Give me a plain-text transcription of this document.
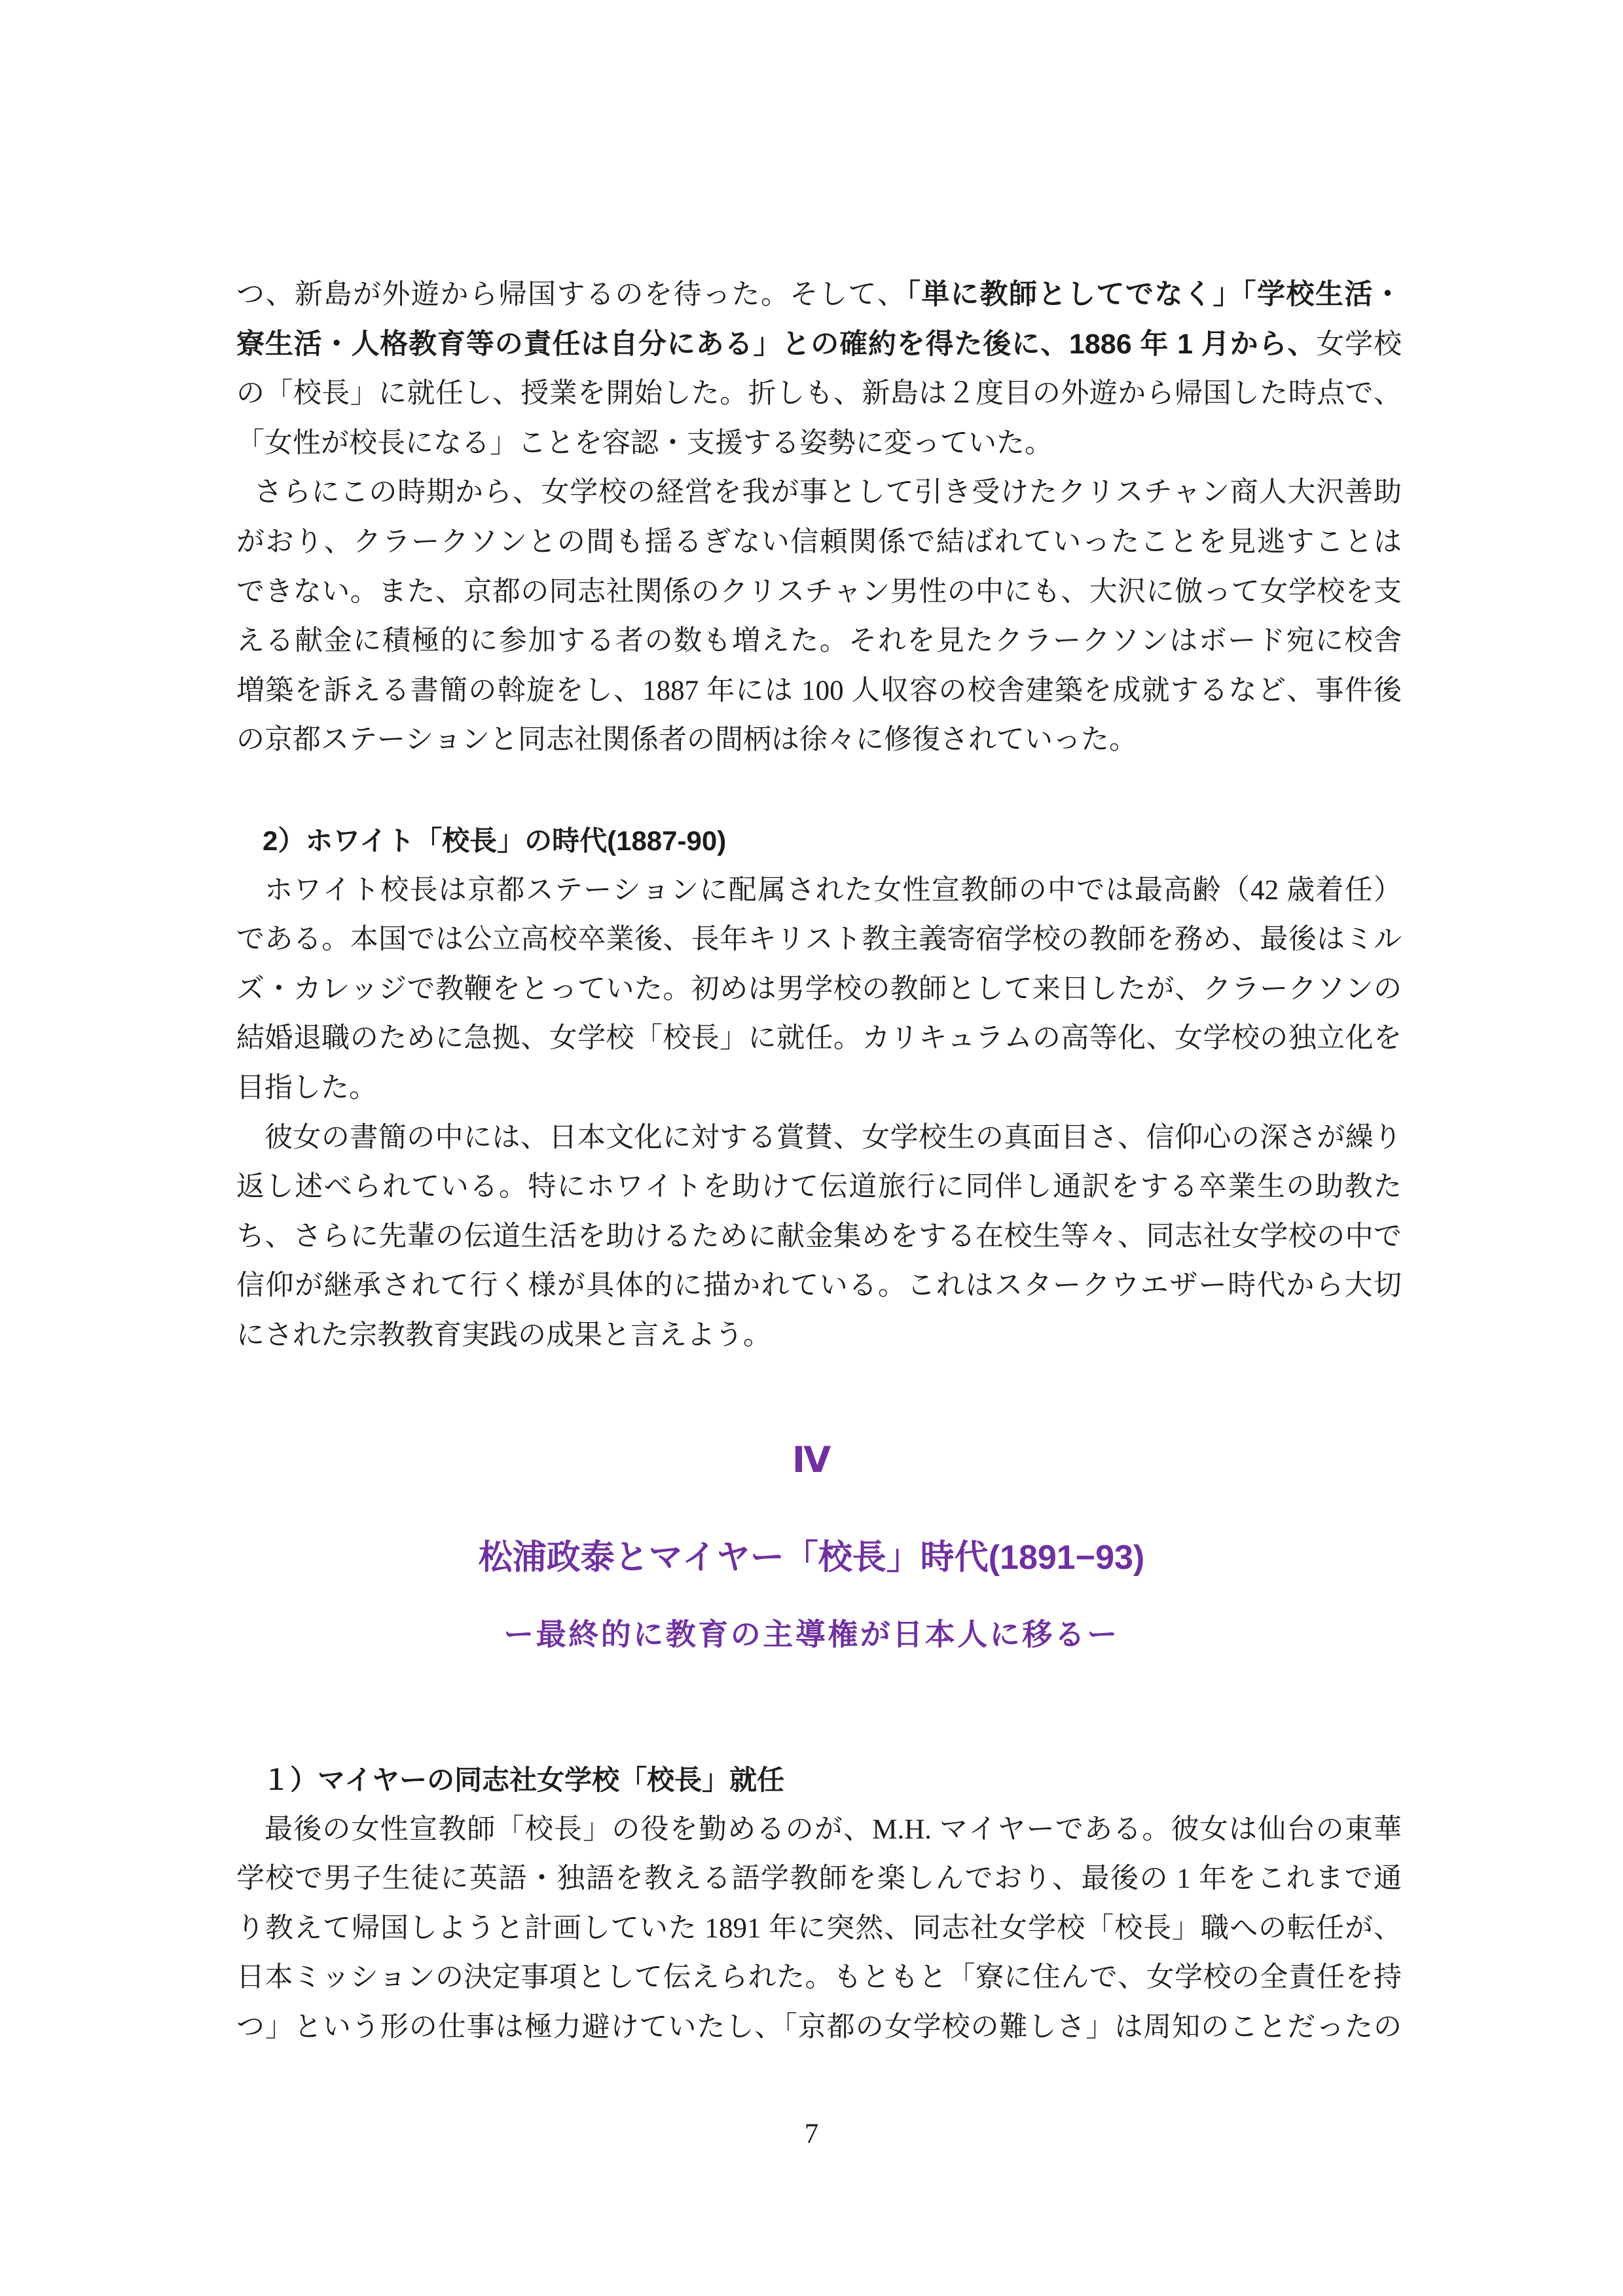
つ、新島が外遊から帰国するのを待った。そして、「単に教師としてでなく」「学校生活・
寮生活・人格教育等の責任は自分にある」との確約を得た後に、1886 年 1 月から、女学校
の「校長」に就任し、授業を開始した。折しも、新島は２度目の外遊から帰国した時点で、
「女性が校長になる」ことを容認・支援する姿勢に変っていた。
さらにこの時期から、女学校の経営を我が事として引き受けたクリスチャン商人大沢善助
がおり、クラークソンとの間も揺るぎない信頼関係で結ばれていったことを見逃すことは
できない。また、京都の同志社関係のクリスチャン男性の中にも、大沢に倣って女学校を支
える献金に積極的に参加する者の数も増えた。それを見たクラークソンはボード宛に校舎
増築を訴える書簡の斡旋をし、1887 年には 100 人収容の校舎建築を成就するなど、事件後
の京都ステーションと同志社関係者の間柄は徐々に修復されていった。
2）ホワイト「校長」の時代(1887-90)
ホワイト校長は京都ステーションに配属された女性宣教師の中では最高齢（42 歳着任）
である。本国では公立高校卒業後、長年キリスト教主義寄宿学校の教師を務め、最後はミル
ズ・カレッジで教鞭をとっていた。初めは男学校の教師として来日したが、クラークソンの
結婚退職のために急拠、女学校「校長」に就任。カリキュラムの高等化、女学校の独立化を
目指した。
彼女の書簡の中には、日本文化に対する賞賛、女学校生の真面目さ、信仰心の深さが繰り
返し述べられている。特にホワイトを助けて伝道旅行に同伴し通訳をする卒業生の助教た
ち、さらに先輩の伝道生活を助けるために献金集めをする在校生等々、同志社女学校の中で
信仰が継承されて行く様が具体的に描かれている。これはスタークウエザー時代から大切
にされた宗教教育実践の成果と言えよう。
Ⅳ
松浦政泰とマイヤー「校長」時代(1891−93)
ー最終的に教育の主導権が日本人に移るー
１）マイヤーの同志社女学校「校長」就任
最後の女性宣教師「校長」の役を勤めるのが、M.H. マイヤーである。彼女は仙台の東華
学校で男子生徒に英語・独語を教える語学教師を楽しんでおり、最後の 1 年をこれまで通
り教えて帰国しようと計画していた 1891 年に突然、同志社女学校「校長」職への転任が、
日本ミッションの決定事項として伝えられた。もともと「寮に住んで、女学校の全責任を持
つ」という形の仕事は極力避けていたし、「京都の女学校の難しさ」は周知のことだったの
7
